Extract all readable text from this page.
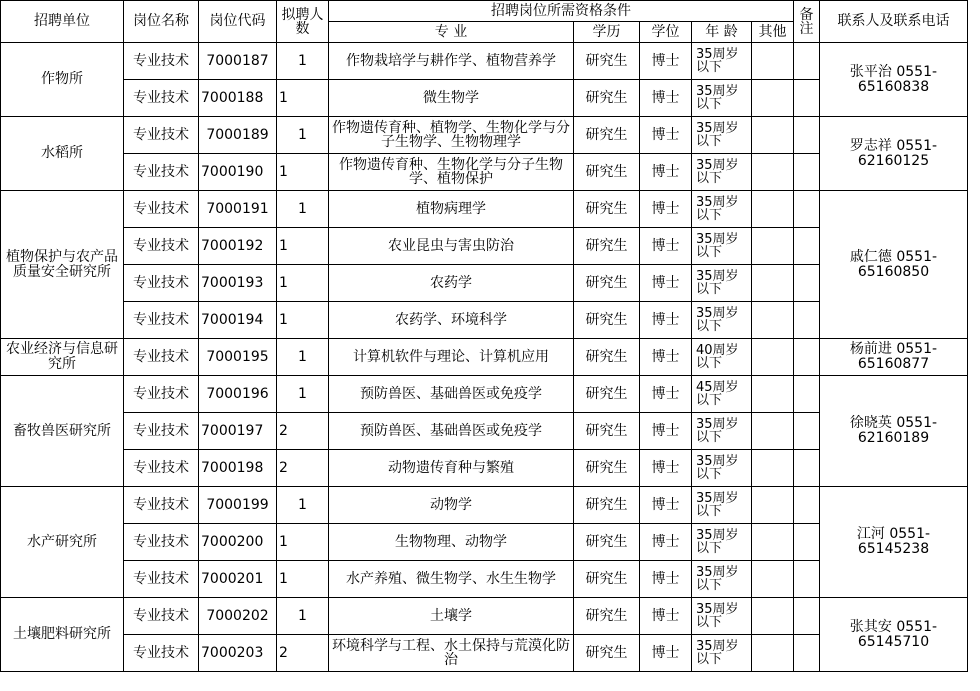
招聘单位	岗位名称	岗位代码	拟聘人数	招聘岗位所需资格条件					备注	联系人及联系电话
				专 业	学历	学位	年 龄	其他		
作物所	专业技术	7000187	1	作物栽培学与耕作学、植物营养学	研究生	博士	35周岁以下			张平治 0551-65160838
	专业技术	7000188	1	微生物学	研究生	博士	35周岁以下			
水稻所	专业技术	7000189	1	作物遗传育种、植物学、生物化学与分子生物学、生物物理学	研究生	博士	35周岁以下			罗志祥 0551-62160125
	专业技术	7000190	1	作物遗传育种、生物化学与分子生物学、植物保护	研究生	博士	35周岁以下			
植物保护与农产品质量安全研究所	专业技术	7000191	1	植物病理学	研究生	博士	35周岁以下			戚仁德 0551-65160850
	专业技术	7000192	1	农业昆虫与害虫防治	研究生	博士	35周岁以下			
	专业技术	7000193	1	农药学	研究生	博士	35周岁以下			
	专业技术	7000194	1	农药学、环境科学	研究生	博士	35周岁以下			
农业经济与信息研究所	专业技术	7000195	1	计算机软件与理论、计算机应用	研究生	博士	40周岁以下			杨前进 0551-65160877
畜牧兽医研究所	专业技术	7000196	1	预防兽医、基础兽医或免疫学	研究生	博士	45周岁以下			徐晓英 0551-62160189
	专业技术	7000197	2	预防兽医、基础兽医或免疫学	研究生	博士	35周岁以下			
	专业技术	7000198	2	动物遗传育种与繁殖	研究生	博士	35周岁以下			
水产研究所	专业技术	7000199	1	动物学	研究生	博士	35周岁以下			江河 0551-65145238
	专业技术	7000200	1	生物物理、动物学	研究生	博士	35周岁以下			
	专业技术	7000201	1	水产养殖、微生物学、水生生物学	研究生	博士	35周岁以下			
土壤肥料研究所	专业技术	7000202	1	土壤学	研究生	博士	35周岁以下			张其安 0551-65145710
	专业技术	7000203	2	环境科学与工程、水土保持与荒漠化防治	研究生	博士	35周岁以下			
